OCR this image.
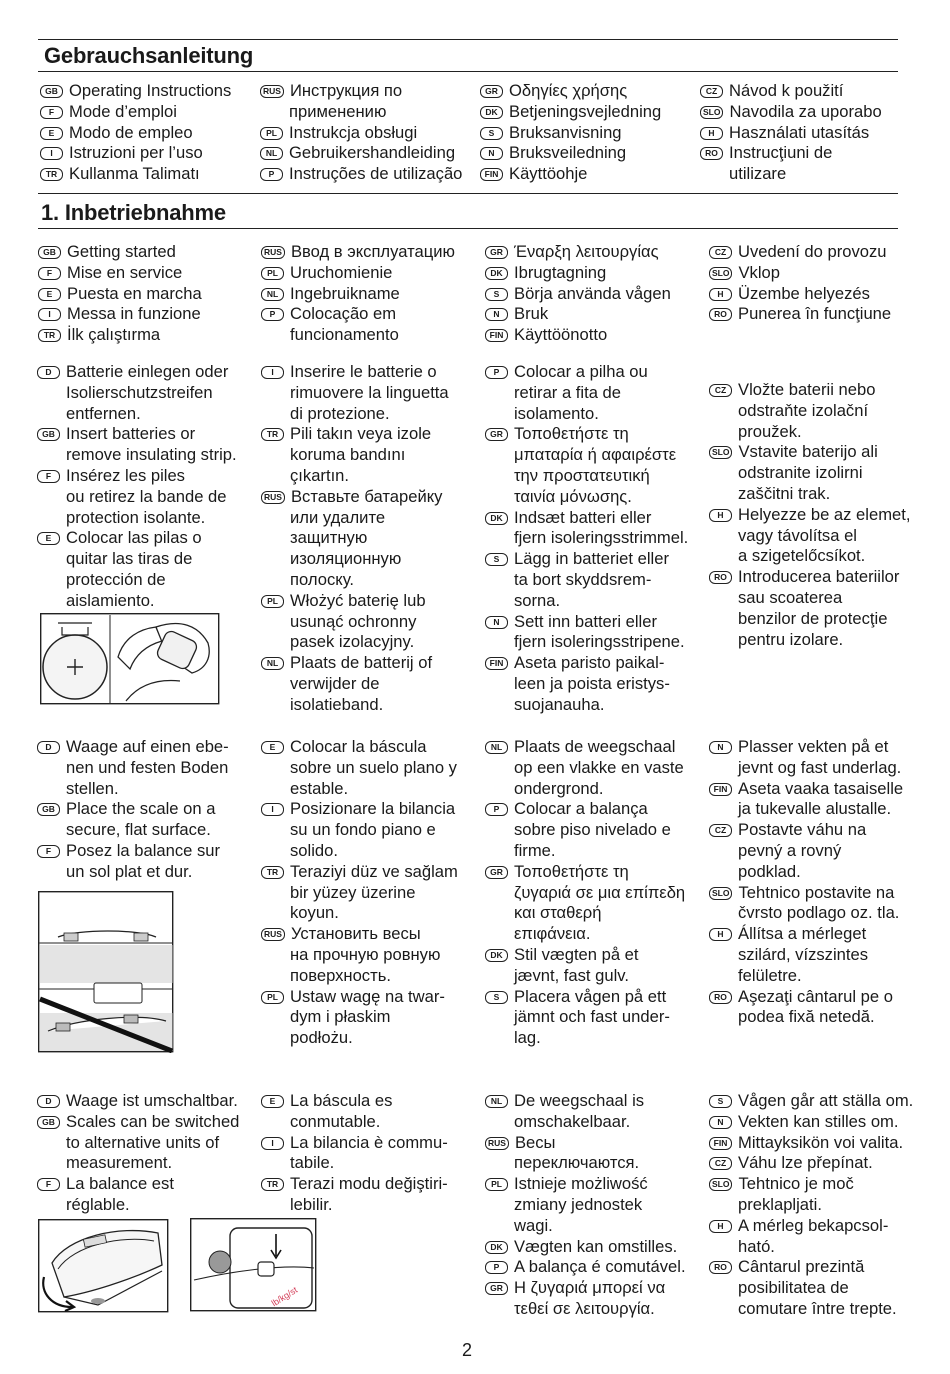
Gebrauchsanleitung
GB Operating Instructions
F Mode d’emploi
E Modo de empleo
I Istruzioni per l’uso
TR Kullanma Talimatı
RUS Инструкция по
применению
PL Instrukcja obsługi
NL Gebruikershandleiding
P Instruções de utilização
GR Οδηγίες χρήσης
DK Betjeningsvejledning
S Bruksanvisning
N Bruksveiledning
FIN Käyttöohje
CZ Návod k použití
SLO Navodila za uporabo
H Használati utasítás
RO Instrucţiuni de
utilizare
1. Inbetriebnahme
GB Getting started
F Mise en service
E Puesta en marcha
I Messa in funzione
TR İlk çalıştırma
RUS Ввод в эксплуатацию
PL Uruchomienie
NL Ingebruikname
P Colocação em
funcionamento
GR Έναρξη λειτουργίας
DK Ibrugtagning
S Börja använda vågen
N Bruk
FIN Käyttöönotto
CZ Uvedení do provozu
SLO Vklop
H Üzembe helyezés
RO Punerea în funcţiune
D Batterie einlegen oder
Isolierschutzstreifen
entfernen.
GB Insert batteries or
remove insulating strip.
F Insérez les piles
ou retirez la bande de
protection isolante.
E Colocar las pilas o
quitar las tiras de
protección de
aislamiento.
I Inserire le batterie o
rimuovere la linguetta
di protezione.
TR Pili takın veya izole
koruma bandını
çıkartın.
RUS Вставьте батарейку
или удалите
защитную
изоляционную
полоску.
PL Włożyć baterię lub
usunąć ochronny
pasek izolacyjny.
NL Plaats de batterij of
verwijder de
isolatieband.
P Colocar a pilha ou
retirar a fita de
isolamento.
GR Τοποθετήστε τη
μπαταρία ή αφαιρέστε
την προστατευτική
ταινία μόνωσης.
DK Indsæt batteri eller
fjern isoleringsstrimmel.
S Lägg in batteriet eller
ta bort skyddsrem-
sorna.
N Sett inn batteri eller
fjern isoleringsstripene.
FIN Aseta paristo paikal-
leen ja poista eristys-
suojanauha.
CZ Vložte baterii nebo
odstraňte izolační
proužek.
SLO Vstavite baterijo ali
odstranite izolirni
zaščitni trak.
H Helyezze be az elemet,
vagy távolítsa el
a szigetelőcsíkot.
RO Introducerea bateriilor
sau scoaterea
benzilor de protecţie
pentru izolare.
D Waage auf einen ebe-
nen und festen Boden
stellen.
GB Place the scale on a
secure, flat surface.
F Posez la balance sur
un sol plat et dur.
E Colocar la báscula
sobre un suelo plano y
estable.
I Posizionare la bilancia
su un fondo piano e
solido.
TR Teraziyi düz ve sağlam
bir yüzey üzerine
koyun.
RUS Установить весы
на прочную ровную
поверхность.
PL Ustaw wagę na twar-
dym i płaskim
podłożu.
NL Plaats de weegschaal
op een vlakke en vaste
ondergrond.
P Colocar a balança
sobre piso nivelado e
firme.
GR Τοποθετήστε τη
ζυγαριά σε μια επίπεδη
και σταθερή
επιφάνεια.
DK Stil vægten på et
jævnt, fast gulv.
S Placera vågen på ett
jämnt och fast under-
lag.
N Plasser vekten på et
jevnt og fast underlag.
FIN Aseta vaaka tasaiselle
ja tukevalle alustalle.
CZ Postavte váhu na
pevný a rovný
podklad.
SLO Tehtnico postavite na
čvrsto podlago oz. tla.
H Állítsa a mérleget
szilárd, vízszintes
felületre.
RO Aşezaţi cântarul pe o
podea fixă netedă.
D Waage ist umschaltbar.
GB Scales can be switched
to alternative units of
measurement.
F La balance est
réglable.
E La báscula es
conmutable.
I La bilancia è commu-
tabile.
TR Terazi modu değiştiri-
lebilir.
NL De weegschaal is
omschakelbaar.
RUS Весы
переключаются.
PL Istnieje możliwość
zmiany jednostek
wagi.
DK Vægten kan omstilles.
P A balança é comutável.
GR Η ζυγαριά μπορεί να
τεθεί σε λειτουργία.
S Vågen går att ställa om.
N Vekten kan stilles om.
FIN Mittayksikön voi valita.
CZ Váhu lze přepínat.
SLO Tehtnico je moč
preklapljati.
H A mérleg bekapcsol-
ható.
RO Cântarul prezintă
posibilitatea de
comutare între trepte.
lb/kg/st
2
